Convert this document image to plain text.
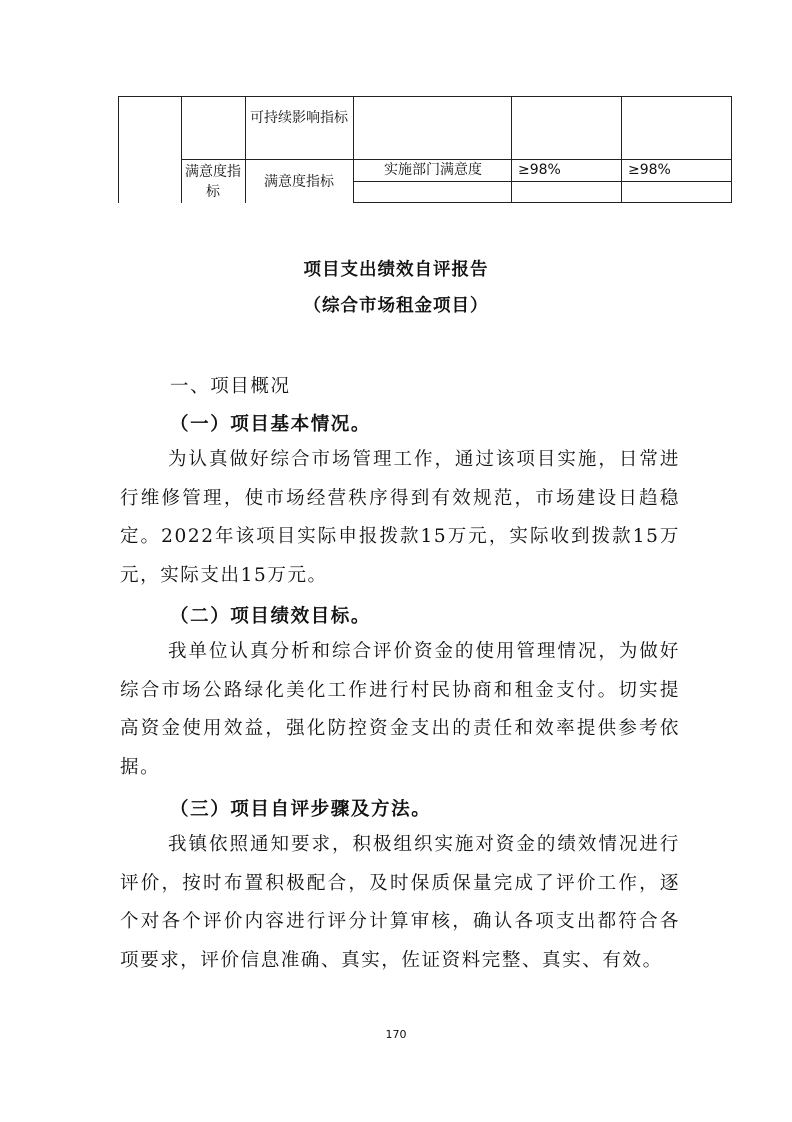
可持续影响指标
满意度指标
满意度指标
实施部门满意度	≥98%	≥98%
项目支出绩效自评报告
（综合市场租金项目）
一、项目概况
（一）项目基本情况。

为认真做好综合市场管理工作，通过该项目实施，日常进行维修管理，使市场经营秩序得到有效规范，市场建设日趋稳定。2022年该项目实际申报拨款15万元，实际收到拨款15万元，实际支出15万元。

（二）项目绩效目标。

我单位认真分析和综合评价资金的使用管理情况，为做好综合市场公路绿化美化工作进行村民协商和租金支付。切实提高资金使用效益，强化防控资金支出的责任和效率提供参考依据。

（三）项目自评步骤及方法。

我镇依照通知要求，积极组织实施对资金的绩效情况进行评价，按时布置积极配合，及时保质保量完成了评价工作，逐个对各个评价内容进行评分计算审核，确认各项支出都符合各项要求，评价信息准确、真实，佐证资料完整、真实、有效。

170
